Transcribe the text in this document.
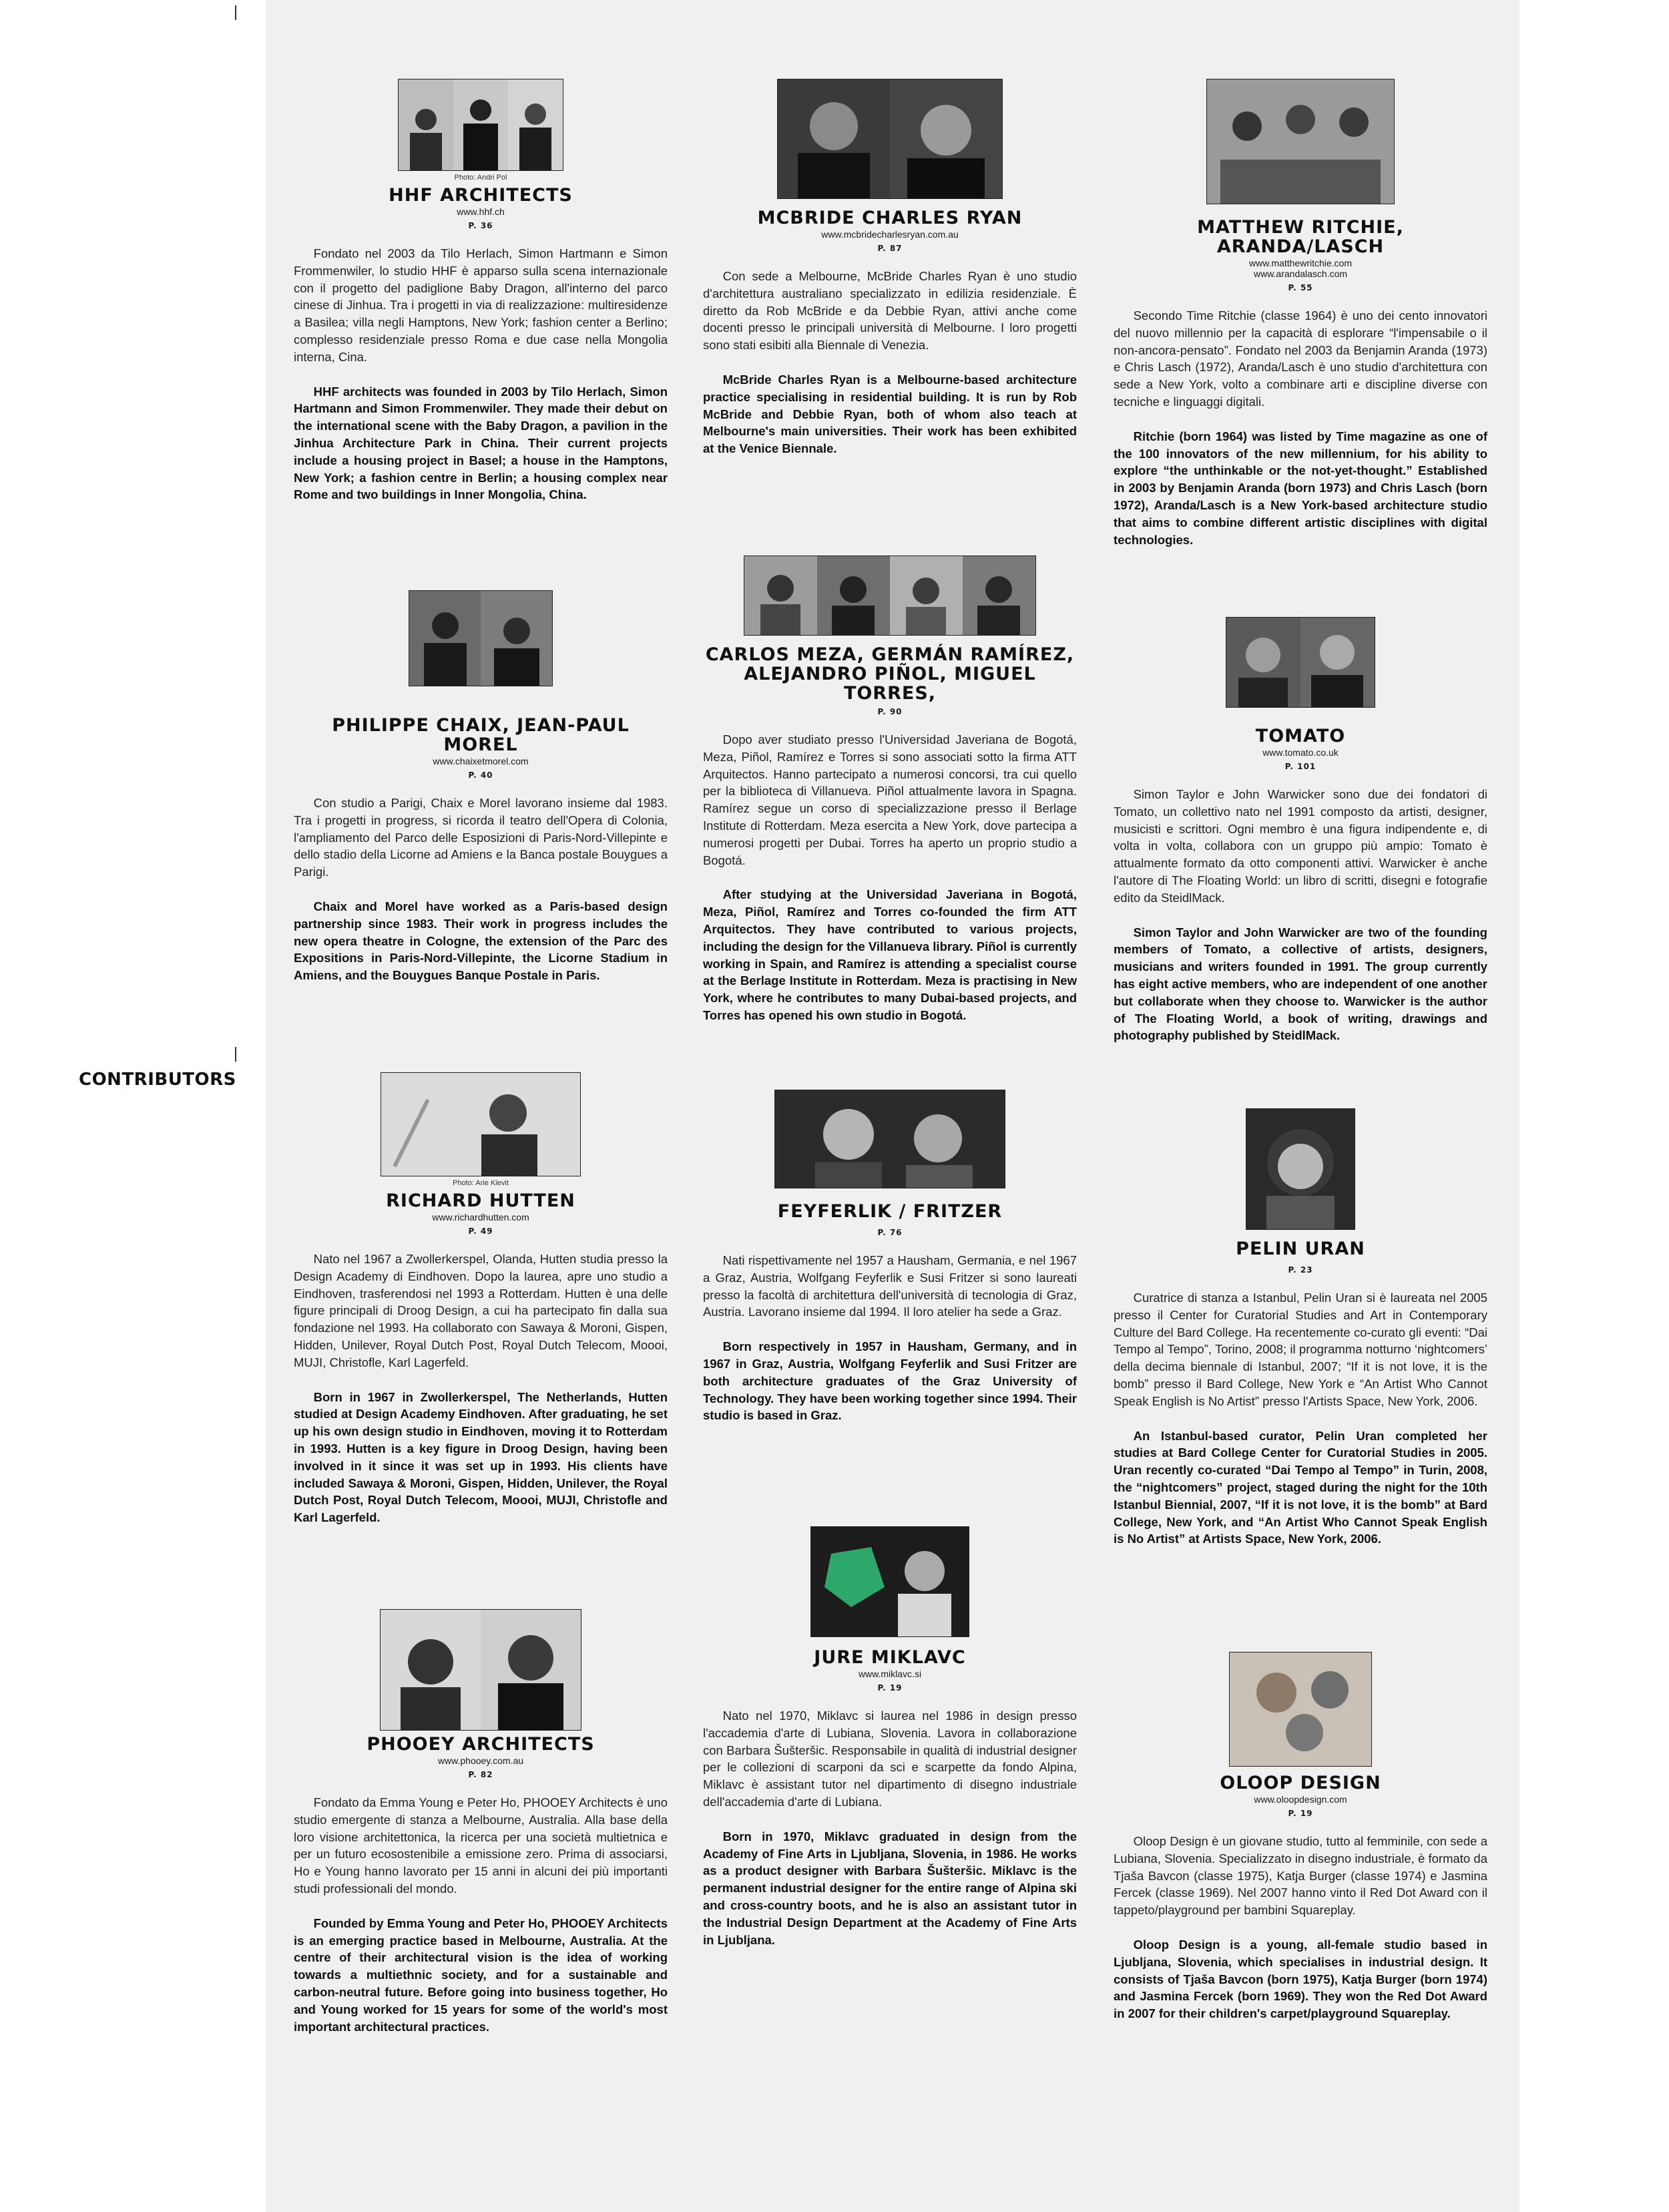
CONTRIBUTORS
Photo: Andri Pol
HHF ARCHITECTS
www.hhf.ch
P. 36

Fondato nel 2003 da Tilo Herlach, Simon Hartmann e Simon Frommenwiler, lo studio HHF è apparso sulla scena internazionale con il progetto del padiglione Baby Dragon, all'interno del parco cinese di Jinhua. Tra i progetti in via di realizzazione: multiresidenze a Basilea; villa negli Hamptons, New York; fashion center a Berlino; complesso residenziale presso Roma e due case nella Mongolia interna, Cina.

HHF architects was founded in 2003 by Tilo Herlach, Simon Hartmann and Simon Frommenwiler. They made their debut on the international scene with the Baby Dragon, a pavilion in the Jinhua Architecture Park in China. Their current projects include a housing project in Basel; a house in the Hamptons, New York; a fashion centre in Berlin; a housing complex near Rome and two buildings in Inner Mongolia, China.

PHILIPPE CHAIX, JEAN-PAUL MOREL
www.chaixetmorel.com
P. 40

Con studio a Parigi, Chaix e Morel lavorano insieme dal 1983. Tra i progetti in progress, si ricorda il teatro dell'Opera di Colonia, l'ampliamento del Parco delle Esposizioni di Paris-Nord-Villepinte e dello stadio della Licorne ad Amiens e la Banca postale Bouygues a Parigi.

Chaix and Morel have worked as a Paris-based design partnership since 1983. Their work in progress includes the new opera theatre in Cologne, the extension of the Parc des Expositions in Paris-Nord-Villepinte, the Licorne Stadium in Amiens, and the Bouygues Banque Postale in Paris.

Photo: Arie Kievit
RICHARD HUTTEN
www.richardhutten.com
P. 49

Nato nel 1967 a Zwollerkerspel, Olanda, Hutten studia presso la Design Academy di Eindhoven. Dopo la laurea, apre uno studio a Eindhoven, trasferendosi nel 1993 a Rotterdam. Hutten è una delle figure principali di Droog Design, a cui ha partecipato fin dalla sua fondazione nel 1993. Ha collaborato con Sawaya & Moroni, Gispen, Hidden, Unilever, Royal Dutch Post, Royal Dutch Telecom, Moooi, MUJI, Christofle, Karl Lagerfeld.

Born in 1967 in Zwollerkerspel, The Netherlands, Hutten studied at Design Academy Eindhoven. After graduating, he set up his own design studio in Eindhoven, moving it to Rotterdam in 1993. Hutten is a key figure in Droog Design, having been involved in it since it was set up in 1993. His clients have included Sawaya & Moroni, Gispen, Hidden, Unilever, the Royal Dutch Post, Royal Dutch Telecom, Moooi, MUJI, Christofle and Karl Lagerfeld.

PHOOEY ARCHITECTS
www.phooey.com.au
P. 82

Fondato da Emma Young e Peter Ho, PHOOEY Architects è uno studio emergente di stanza a Melbourne, Australia. Alla base della loro visione architettonica, la ricerca per una società multietnica e per un futuro ecosostenibile a emissione zero. Prima di associarsi, Ho e Young hanno lavorato per 15 anni in alcuni dei più importanti studi professionali del mondo.

Founded by Emma Young and Peter Ho, PHOOEY Architects is an emerging practice based in Melbourne, Australia. At the centre of their architectural vision is the idea of working towards a multiethnic society, and for a sustainable and carbon-neutral future. Before going into business together, Ho and Young worked for 15 years for some of the world's most important architectural practices.

MCBRIDE CHARLES RYAN
www.mcbridecharlesryan.com.au
P. 87

Con sede a Melbourne, McBride Charles Ryan è uno studio d'architettura australiano specializzato in edilizia residenziale. È diretto da Rob McBride e da Debbie Ryan, attivi anche come docenti presso le principali università di Melbourne. I loro progetti sono stati esibiti alla Biennale di Venezia.

McBride Charles Ryan is a Melbourne-based architecture practice specialising in residential building. It is run by Rob McBride and Debbie Ryan, both of whom also teach at Melbourne's main universities. Their work has been exhibited at the Venice Biennale.

CARLOS MEZA, GERMÁN RAMÍREZ, ALEJANDRO PIÑOL, MIGUEL TORRES,
P. 90

Dopo aver studiato presso l'Universidad Javeriana de Bogotá, Meza, Piñol, Ramírez e Torres si sono associati sotto la firma ATT Arquitectos. Hanno partecipato a numerosi concorsi, tra cui quello per la biblioteca di Villanueva. Piñol attualmente lavora in Spagna. Ramírez segue un corso di specializzazione presso il Berlage Institute di Rotterdam. Meza esercita a New York, dove partecipa a numerosi progetti per Dubai. Torres ha aperto un proprio studio a Bogotá.

After studying at the Universidad Javeriana in Bogotá, Meza, Piñol, Ramírez and Torres co-founded the firm ATT Arquitectos. They have contributed to various projects, including the design for the Villanueva library. Piñol is currently working in Spain, and Ramírez is attending a specialist course at the Berlage Institute in Rotterdam. Meza is practising in New York, where he contributes to many Dubai-based projects, and Torres has opened his own studio in Bogotá.

FEYFERLIK / FRITZER
P. 76

Nati rispettivamente nel 1957 a Hausham, Germania, e nel 1967 a Graz, Austria, Wolfgang Feyferlik e Susi Fritzer si sono laureati presso la facoltà di architettura dell'università di tecnologia di Graz, Austria. Lavorano insieme dal 1994. Il loro atelier ha sede a Graz.

Born respectively in 1957 in Hausham, Germany, and in 1967 in Graz, Austria, Wolfgang Feyferlik and Susi Fritzer are both architecture graduates of the Graz University of Technology. They have been working together since 1994. Their studio is based in Graz.

JURE MIKLAVC
www.miklavc.si
P. 19

Nato nel 1970, Miklavc si laurea nel 1986 in design presso l'accademia d'arte di Lubiana, Slovenia. Lavora in collaborazione con Barbara Šušteršic. Responsabile in qualità di industrial designer per le collezioni di scarponi da sci e scarpette da fondo Alpina, Miklavc è assistant tutor nel dipartimento di disegno industriale dell'accademia d'arte di Lubiana.

Born in 1970, Miklavc graduated in design from the Academy of Fine Arts in Ljubljana, Slovenia, in 1986. He works as a product designer with Barbara Šušteršic. Miklavc is the permanent industrial designer for the entire range of Alpina ski and cross-country boots, and he is also an assistant tutor in the Industrial Design Department at the Academy of Fine Arts in Ljubljana.

MATTHEW RITCHIE, ARANDA/LASCH
www.matthewritchie.com
www.arandalasch.com
P. 55

Secondo Time Ritchie (classe 1964) è uno dei cento innovatori del nuovo millennio per la capacità di esplorare “l'impensabile o il non-ancora-pensato”. Fondato nel 2003 da Benjamin Aranda (1973) e Chris Lasch (1972), Aranda/Lasch è uno studio d'architettura con sede a New York, volto a combinare arti e discipline diverse con tecniche e linguaggi digitali.

Ritchie (born 1964) was listed by Time magazine as one of the 100 innovators of the new millennium, for his ability to explore “the unthinkable or the not-yet-thought.” Established in 2003 by Benjamin Aranda (born 1973) and Chris Lasch (born 1972), Aranda/Lasch is a New York-based architecture studio that aims to combine different artistic disciplines with digital technologies.

TOMATO
www.tomato.co.uk
P. 101

Simon Taylor e John Warwicker sono due dei fondatori di Tomato, un collettivo nato nel 1991 composto da artisti, designer, musicisti e scrittori. Ogni membro è una figura indipendente e, di volta in volta, collabora con un gruppo più ampio: Tomato è attualmente formato da otto componenti attivi. Warwicker è anche l'autore di The Floating World: un libro di scritti, disegni e fotografie edito da SteidlMack.

Simon Taylor and John Warwicker are two of the founding members of Tomato, a collective of artists, designers, musicians and writers founded in 1991. The group currently has eight active members, who are independent of one another but collaborate when they choose to. Warwicker is the author of The Floating World, a book of writing, drawings and photography published by SteidlMack.

PELIN URAN
P. 23

Curatrice di stanza a Istanbul, Pelin Uran si è laureata nel 2005 presso il Center for Curatorial Studies and Art in Contemporary Culture del Bard College. Ha recentemente co-curato gli eventi: “Dai Tempo al Tempo”, Torino, 2008; il programma notturno ‘nightcomers’ della decima biennale di Istanbul, 2007; “If it is not love, it is the bomb” presso il Bard College, New York e “An Artist Who Cannot Speak English is No Artist” presso l'Artists Space, New York, 2006.

An Istanbul-based curator, Pelin Uran completed her studies at Bard College Center for Curatorial Studies in 2005. Uran recently co-curated “Dai Tempo al Tempo” in Turin, 2008, the “nightcomers” project, staged during the night for the 10th Istanbul Biennial, 2007, “If it is not love, it is the bomb” at Bard College, New York, and “An Artist Who Cannot Speak English is No Artist” at Artists Space, New York, 2006.

OLOOP DESIGN
www.oloopdesign.com
P. 19

Oloop Design è un giovane studio, tutto al femminile, con sede a Lubiana, Slovenia. Specializzato in disegno industriale, è formato da Tjaša Bavcon (classe 1975), Katja Burger (classe 1974) e Jasmina Fercek (classe 1969). Nel 2007 hanno vinto il Red Dot Award con il tappeto/playground per bambini Squareplay.

Oloop Design is a young, all-female studio based in Ljubljana, Slovenia, which specialises in industrial design. It consists of Tjaša Bavcon (born 1975), Katja Burger (born 1974) and Jasmina Fercek (born 1969). They won the Red Dot Award in 2007 for their children's carpet/playground Squareplay.
